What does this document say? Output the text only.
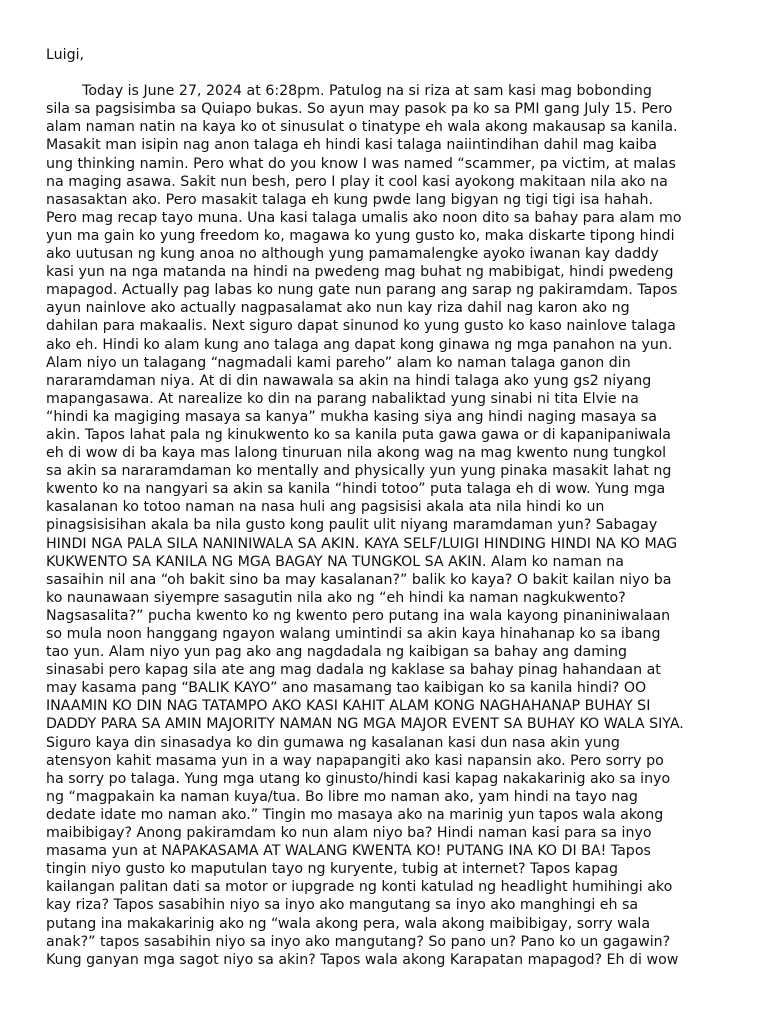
Luigi,
Today is June 27, 2024 at 6:28pm. Patulog na si riza at sam kasi mag bobonding
sila sa pagsisimba sa Quiapo bukas. So ayun may pasok pa ko sa PMI gang July 15. Pero
alam naman natin na kaya ko ot sinusulat o tinatype eh wala akong makausap sa kanila.
Masakit man isipin nag anon talaga eh hindi kasi talaga naiintindihan dahil mag kaiba
ung thinking namin. Pero what do you know I was named “scammer, pa victim, at malas
na maging asawa. Sakit nun besh, pero I play it cool kasi ayokong makitaan nila ako na
nasasaktan ako. Pero masakit talaga eh kung pwde lang bigyan ng tigi tigi isa hahah.
Pero mag recap tayo muna. Una kasi talaga umalis ako noon dito sa bahay para alam mo
yun ma gain ko yung freedom ko, magawa ko yung gusto ko, maka diskarte tipong hindi
ako uutusan ng kung anoa no although yung pamamalengke ayoko iwanan kay daddy
kasi yun na nga matanda na hindi na pwedeng mag buhat ng mabibigat, hindi pwedeng
mapagod. Actually pag labas ko nung gate nun parang ang sarap ng pakiramdam. Tapos
ayun nainlove ako actually nagpasalamat ako nun kay riza dahil nag karon ako ng
dahilan para makaalis. Next siguro dapat sinunod ko yung gusto ko kaso nainlove talaga
ako eh. Hindi ko alam kung ano talaga ang dapat kong ginawa ng mga panahon na yun.
Alam niyo un talagang “nagmadali kami pareho” alam ko naman talaga ganon din
nararamdaman niya. At di din nawawala sa akin na hindi talaga ako yung gs2 niyang
mapangasawa. At narealize ko din na parang nabaliktad yung sinabi ni tita Elvie na
“hindi ka magiging masaya sa kanya” mukha kasing siya ang hindi naging masaya sa
akin. Tapos lahat pala ng kinukwento ko sa kanila puta gawa gawa or di kapanipaniwala
eh di wow di ba kaya mas lalong tinuruan nila akong wag na mag kwento nung tungkol
sa akin sa nararamdaman ko mentally and physically yun yung pinaka masakit lahat ng
kwento ko na nangyari sa akin sa kanila “hindi totoo” puta talaga eh di wow. Yung mga
kasalanan ko totoo naman na nasa huli ang pagsisisi akala ata nila hindi ko un
pinagsisisihan akala ba nila gusto kong paulit ulit niyang maramdaman yun? Sabagay
HINDI NGA PALA SILA NANINIWALA SA AKIN. KAYA SELF/LUIGI HINDING HINDI NA KO MAG
KUKWENTO SA KANILA NG MGA BAGAY NA TUNGKOL SA AKIN. Alam ko naman na
sasaihin nil ana “oh bakit sino ba may kasalanan?” balik ko kaya? O bakit kailan niyo ba
ko naunawaan siyempre sasagutin nila ako ng “eh hindi ka naman nagkukwento?
Nagsasalita?” pucha kwento ko ng kwento pero putang ina wala kayong pinaniniwalaan
so mula noon hanggang ngayon walang umintindi sa akin kaya hinahanap ko sa ibang
tao yun. Alam niyo yun pag ako ang nagdadala ng kaibigan sa bahay ang daming
sinasabi pero kapag sila ate ang mag dadala ng kaklase sa bahay pinag hahandaan at
may kasama pang “BALIK KAYO” ano masamang tao kaibigan ko sa kanila hindi? OO
INAAMIN KO DIN NAG TATAMPO AKO KASI KAHIT ALAM KONG NAGHAHANAP BUHAY SI
DADDY PARA SA AMIN MAJORITY NAMAN NG MGA MAJOR EVENT SA BUHAY KO WALA SIYA.
Siguro kaya din sinasadya ko din gumawa ng kasalanan kasi dun nasa akin yung
atensyon kahit masama yun in a way napapangiti ako kasi napansin ako. Pero sorry po
ha sorry po talaga. Yung mga utang ko ginusto/hindi kasi kapag nakakarinig ako sa inyo
ng “magpakain ka naman kuya/tua. Bo libre mo naman ako, yam hindi na tayo nag
dedate idate mo naman ako.” Tingin mo masaya ako na marinig yun tapos wala akong
maibibigay? Anong pakiramdam ko nun alam niyo ba? Hindi naman kasi para sa inyo
masama yun at NAPAKASAMA AT WALANG KWENTA KO! PUTANG INA KO DI BA! Tapos
tingin niyo gusto ko maputulan tayo ng kuryente, tubig at internet? Tapos kapag
kailangan palitan dati sa motor or iupgrade ng konti katulad ng headlight humihingi ako
kay riza? Tapos sasabihin niyo sa inyo ako mangutang sa inyo ako manghingi eh sa
putang ina makakarinig ako ng “wala akong pera, wala akong maibibigay, sorry wala
anak?” tapos sasabihin niyo sa inyo ako mangutang? So pano un? Pano ko un gagawin?
Kung ganyan mga sagot niyo sa akin? Tapos wala akong Karapatan mapagod? Eh di wow
